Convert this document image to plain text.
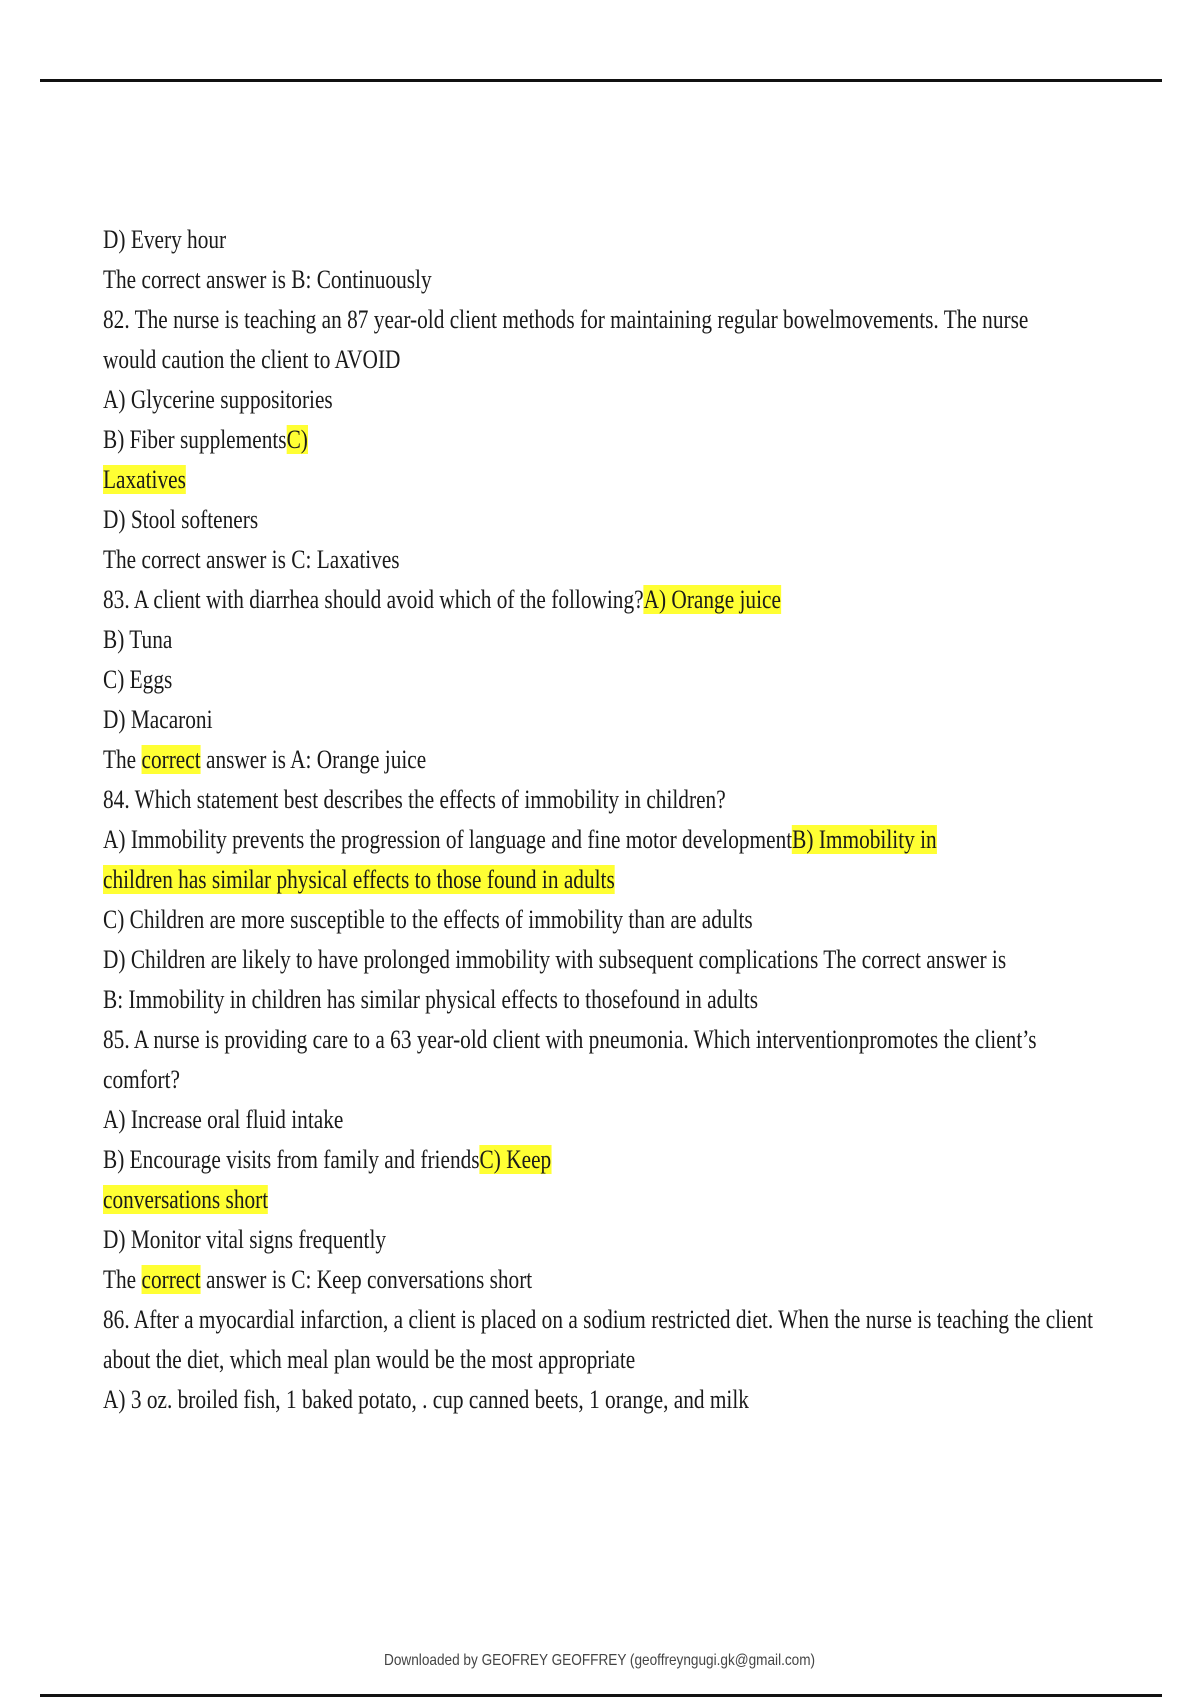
D) Every hour
The correct answer is B: Continuously
82. The nurse is teaching an 87 year-old client methods for maintaining regular bowelmovements. The nurse
would caution the client to AVOID
A) Glycerine suppositories
B) Fiber supplementsC)
Laxatives
D) Stool softeners
The correct answer is C: Laxatives
83. A client with diarrhea should avoid which of the following?A) Orange juice
B) Tuna
C) Eggs
D) Macaroni
The correct answer is A: Orange juice
84. Which statement best describes the effects of immobility in children?
A) Immobility prevents the progression of language and fine motor developmentB) Immobility in
children has similar physical effects to those found in adults
C) Children are more susceptible to the effects of immobility than are adults
D) Children are likely to have prolonged immobility with subsequent complications The correct answer is
B: Immobility in children has similar physical effects to thosefound in adults
85. A nurse is providing care to a 63 year-old client with pneumonia. Which interventionpromotes the client’s
comfort?
A) Increase oral fluid intake
B) Encourage visits from family and friendsC) Keep
conversations short
D) Monitor vital signs frequently
The correct answer is C: Keep conversations short
86. After a myocardial infarction, a client is placed on a sodium restricted diet. When the nurse is teaching the client
about the diet, which meal plan would be the most appropriate
A) 3 oz. broiled fish, 1 baked potato, . cup canned beets, 1 orange, and milk
Downloaded by GEOFREY GEOFFREY (geoffreyngugi.gk@gmail.com)
